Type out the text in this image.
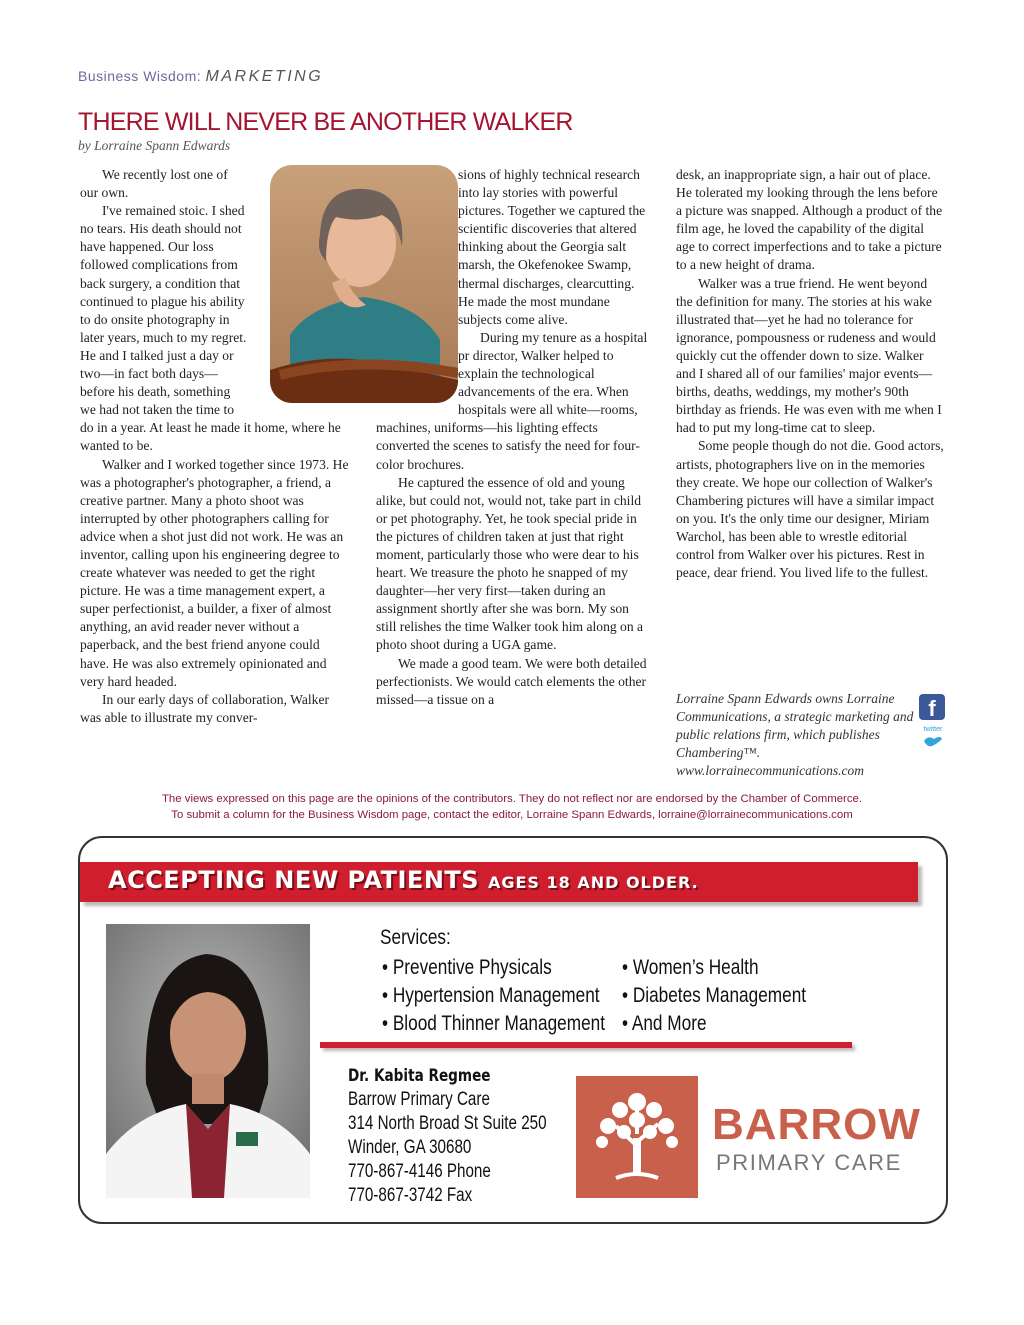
Business Wisdom: MARKETING
THERE WILL NEVER BE ANOTHER WALKER
by Lorraine Spann Edwards

We recently lost one of our own.

I've remained stoic. I shed no tears. His death should not have happened. Our loss followed complications from back surgery, a condition that continued to plague his ability to do onsite photography in later years, much to my regret. He and I talked just a day or two—in fact both days—before his death, something we had not taken the time to do in a year. At least he made it home, where he wanted to be.

Walker and I worked together since 1973. He was a photographer's photographer, a friend, a creative partner. Many a photo shoot was interrupted by other photographers calling for advice when a shot just did not work. He was an inventor, calling upon his engineering degree to create whatever was needed to get the right picture. He was a time management expert, a super perfectionist, a builder, a fixer of almost anything, an avid reader never without a paperback, and the best friend anyone could have. He was also extremely opinionated and very hard headed.

In our early days of collaboration, Walker was able to illustrate my conver-

sions of highly technical research into lay stories with powerful pictures. Together we captured the scientific discoveries that altered thinking about the Georgia salt marsh, the Okefenokee Swamp, thermal discharges, clearcutting. He made the most mundane subjects come alive.

During my tenure as a hospital pr director, Walker helped to explain the technological advancements of the era. When hospitals were all white—rooms, machines, uniforms—his lighting effects converted the scenes to satisfy the need for four-color brochures.

He captured the essence of old and young alike, but could not, would not, take part in child or pet photography. Yet, he took special pride in the pictures of children taken at just that right moment, particularly those who were dear to his heart. We treasure the photo he snapped of my daughter—her very first—taken during an assignment shortly after she was born. My son still relishes the time Walker took him along on a photo shoot during a UGA game.

We made a good team. We were both detailed perfectionists. We would catch elements the other missed—a tissue on a

desk, an inappropriate sign, a hair out of place. He tolerated my looking through the lens before a picture was snapped. Although a product of the film age, he loved the capability of the digital age to correct imperfections and to take a picture to a new height of drama.

Walker was a true friend. He went beyond the definition for many. The stories at his wake illustrated that—yet he had no tolerance for ignorance, pompousness or rudeness and would quickly cut the offender down to size. Walker and I shared all of our families' major events—births, deaths, weddings, my mother's 90th birthday as friends. He was even with me when I had to put my long-time cat to sleep.

Some people though do not die. Good actors, artists, photographers live on in the memories they create. We hope our collection of Walker's Chambering pictures will have a similar impact on you. It's the only time our designer, Miriam Warchol, has been able to wrestle editorial control from Walker over his pictures. Rest in peace, dear friend. You lived life to the fullest.

Lorraine Spann Edwards owns Lorraine Communications, a strategic marketing and public relations firm, which publishes Chambering™. www.lorrainecommunications.com
f
twitter
The views expressed on this page are the opinions of the contributors. They do not reflect nor are endorsed by the Chamber of Commerce.
To submit a column for the Business Wisdom page, contact the editor, Lorraine Spann Edwards, lorraine@lorrainecommunications.com
ACCEPTING NEW PATIENTS AGES 18 AND OLDER.
Services:
• Preventive Physicals	• Women’s Health
• Hypertension Management • Diabetes Management
• Blood Thinner Management • And More
Dr. Kabita Regmee
Barrow Primary Care
314 North Broad St Suite 250
Winder, GA 30680
770-867-4146 Phone
770-867-3742 Fax
BARROW
PRIMARY CARE
